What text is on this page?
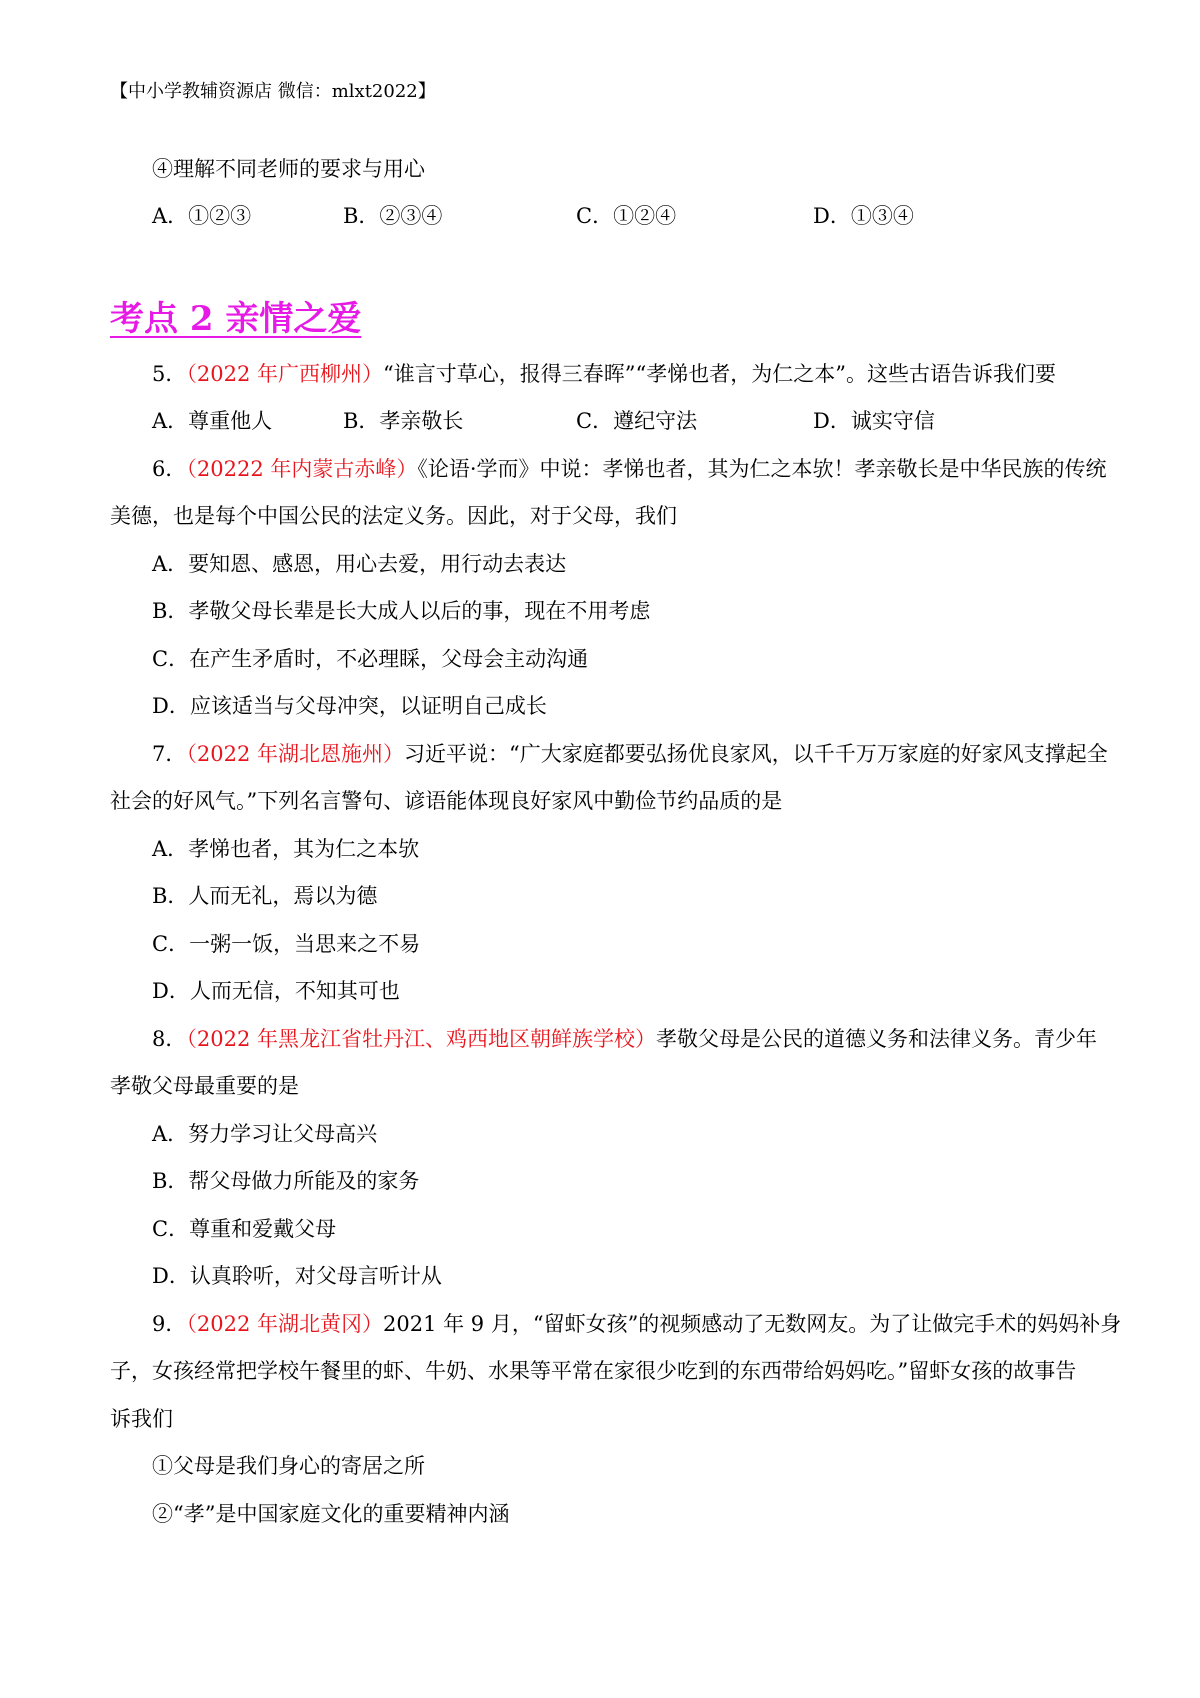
【中小学教辅资源店 微信：mlxt2022】
④理解不同老师的要求与用心
A．①②③	B．②③④	C．①②④	D．①③④
考点 2 亲情之爱
5．（2022 年广西柳州）“谁言寸草心，报得三春晖”“孝悌也者，为仁之本”。这些古语告诉我们要
A．尊重他人	B．孝亲敬长	C．遵纪守法	D．诚实守信
6．（20222 年内蒙古赤峰）《论语·学而》中说：孝悌也者，其为仁之本欤！孝亲敬长是中华民族的传统
美德，也是每个中国公民的法定义务。因此，对于父母，我们
A．要知恩、感恩，用心去爱，用行动去表达
B．孝敬父母长辈是长大成人以后的事，现在不用考虑
C．在产生矛盾时，不必理睬，父母会主动沟通
D．应该适当与父母冲突，以证明自己成长
7．（2022 年湖北恩施州）习近平说：“广大家庭都要弘扬优良家风，以千千万万家庭的好家风支撑起全
社会的好风气。”下列名言警句、谚语能体现良好家风中勤俭节约品质的是
A．孝悌也者，其为仁之本欤
B．人而无礼，焉以为德
C．一粥一饭，当思来之不易
D．人而无信，不知其可也
8．（2022 年黑龙江省牡丹江、鸡西地区朝鲜族学校）孝敬父母是公民的道德义务和法律义务。青少年
孝敬父母最重要的是
A．努力学习让父母高兴
B．帮父母做力所能及的家务
C．尊重和爱戴父母
D．认真聆听，对父母言听计从
9．（2022 年湖北黄冈）2021 年 9 月，“留虾女孩”的视频感动了无数网友。为了让做完手术的妈妈补身
子，女孩经常把学校午餐里的虾、牛奶、水果等平常在家很少吃到的东西带给妈妈吃。”留虾女孩的故事告
诉我们
①父母是我们身心的寄居之所
②“孝”是中国家庭文化的重要精神内涵
